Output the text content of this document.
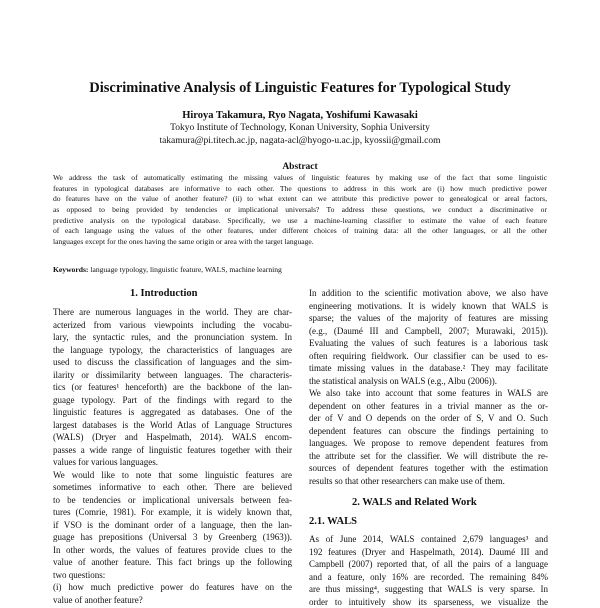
Discriminative Analysis of Linguistic Features for Typological Study
Hiroya Takamura, Ryo Nagata, Yoshifumi Kawasaki
Tokyo Institute of Technology, Konan University, Sophia University
takamura@pi.titech.ac.jp, nagata-acl@hyogo-u.ac.jp, kyossii@gmail.com
Abstract
We address the task of automatically estimating the missing values of linguistic features by making use of the fact that some linguistic
features in typological databases are informative to each other. The questions to address in this work are (i) how much predictive power
do features have on the value of another feature? (ii) to what extent can we attribute this predictive power to genealogical or areal factors,
as opposed to being provided by tendencies or implicational universals? To address these questions, we conduct a discriminative or
predictive analysis on the typological database. Specifically, we use a machine-learning classifier to estimate the value of each feature
of each language using the values of the other features, under different choices of training data: all the other languages, or all the other
languages except for the ones having the same origin or area with the target language.
Keywords: language typology, linguistic feature, WALS, machine learning
1. Introduction
There are numerous languages in the world. They are char-
acterized from various viewpoints including the vocabu-
lary, the syntactic rules, and the pronunciation system. In
the language typology, the characteristics of languages are
used to discuss the classification of languages and the sim-
ilarity or dissimilarity between languages. The characteris-
tics (or features¹ henceforth) are the backbone of the lan-
guage typology. Part of the findings with regard to the
linguistic features is aggregated as databases. One of the
largest databases is the World Atlas of Language Structures
(WALS) (Dryer and Haspelmath, 2014). WALS encom-
passes a wide range of linguistic features together with their
values for various languages.
We would like to note that some linguistic features are
sometimes informative to each other. There are believed
to be tendencies or implicational universals between fea-
tures (Comrie, 1981). For example, it is widely known that,
if VSO is the dominant order of a language, then the lan-
guage has prepositions (Universal 3 by Greenberg (1963)).
In other words, the values of features provide clues to the
value of another feature. This fact brings up the following
two questions:
(i) how much predictive power do features have on the
value of another feature?
In addition to the scientific motivation above, we also have
engineering motivations. It is widely known that WALS is
sparse; the values of the majority of features are missing
(e.g., (Daumé III and Campbell, 2007; Murawaki, 2015)).
Evaluating the values of such features is a laborious task
often requiring fieldwork. Our classifier can be used to es-
timate missing values in the database.² They may facilitate
the statistical analysis on WALS (e.g., Albu (2006)).
We also take into account that some features in WALS are
dependent on other features in a trivial manner as the or-
der of V and O depends on the order of S, V and O. Such
dependent features can obscure the findings pertaining to
languages. We propose to remove dependent features from
the attribute set for the classifier. We will distribute the re-
sources of dependent features together with the estimation
results so that other researchers can make use of them.
2. WALS and Related Work
2.1. WALS
As of June 2014, WALS contained 2,679 languages³ and
192 features (Dryer and Haspelmath, 2014). Daumé III and
Campbell (2007) reported that, of all the pairs of a language
and a feature, only 16% are recorded. The remaining 84%
are thus missing⁴, suggesting that WALS is very sparse. In
order to intuitively show its sparseness, we visualize the
